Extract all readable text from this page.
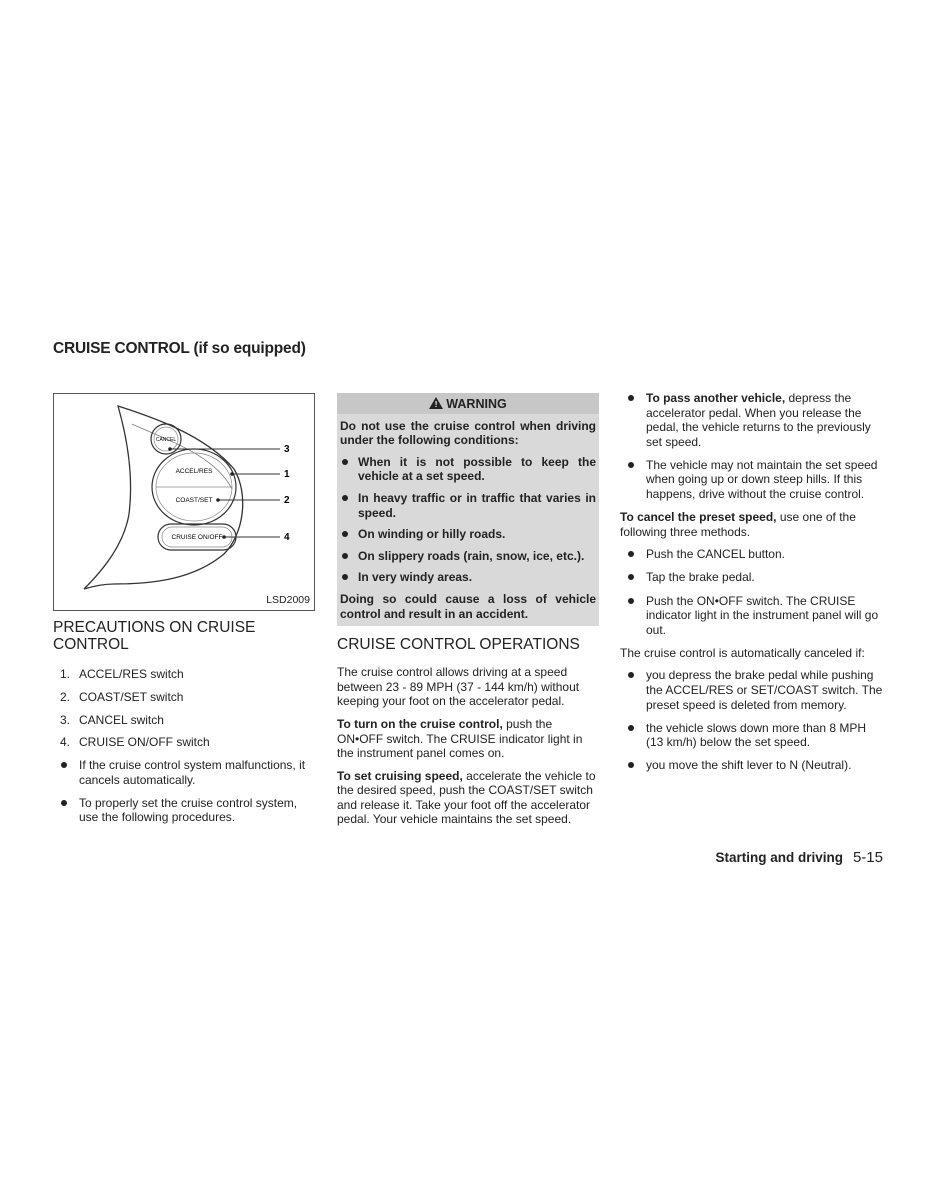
CRUISE CONTROL (if so equipped)
CANCEL
ACCEL/RES
COAST/SET
CRUISE ON/OFF
3
1
2
4
LSD2009
PRECAUTIONS ON CRUISE CONTROL
1. ACCEL/RES switch
2. COAST/SET switch
3. CANCEL switch
4. CRUISE ON/OFF switch
If the cruise control system malfunctions, it cancels automatically.
To properly set the cruise control system, use the following procedures.
!WARNING

Do not use the cruise control when driving under the following conditions:

When it is not possible to keep the vehicle at a set speed.
In heavy traffic or in traffic that varies in speed.
On winding or hilly roads.
On slippery roads (rain, snow, ice, etc.).
In very windy areas.

Doing so could cause a loss of vehicle control and result in an accident.

CRUISE CONTROL OPERATIONS

The cruise control allows driving at a speed between 23 - 89 MPH (37 - 144 km/h) without keeping your foot on the accelerator pedal.

To turn on the cruise control, push the ON•OFF switch. The CRUISE indicator light in the instrument panel comes on.

To set cruising speed, accelerate the vehicle to the desired speed, push the COAST/SET switch and release it. Take your foot off the accelerator pedal. Your vehicle maintains the set speed.

To pass another vehicle, depress the accelerator pedal. When you release the pedal, the vehicle returns to the previously set speed.
The vehicle may not maintain the set speed when going up or down steep hills. If this happens, drive without the cruise control.

To cancel the preset speed, use one of the following three methods.

Push the CANCEL button.
Tap the brake pedal.
Push the ON•OFF switch. The CRUISE indicator light in the instrument panel will go out.

The cruise control is automatically canceled if:

you depress the brake pedal while pushing the ACCEL/RES or SET/COAST switch. The preset speed is deleted from memory.
the vehicle slows down more than 8 MPH (13 km/h) below the set speed.
you move the shift lever to N (Neutral).
Starting and driving 5-15
